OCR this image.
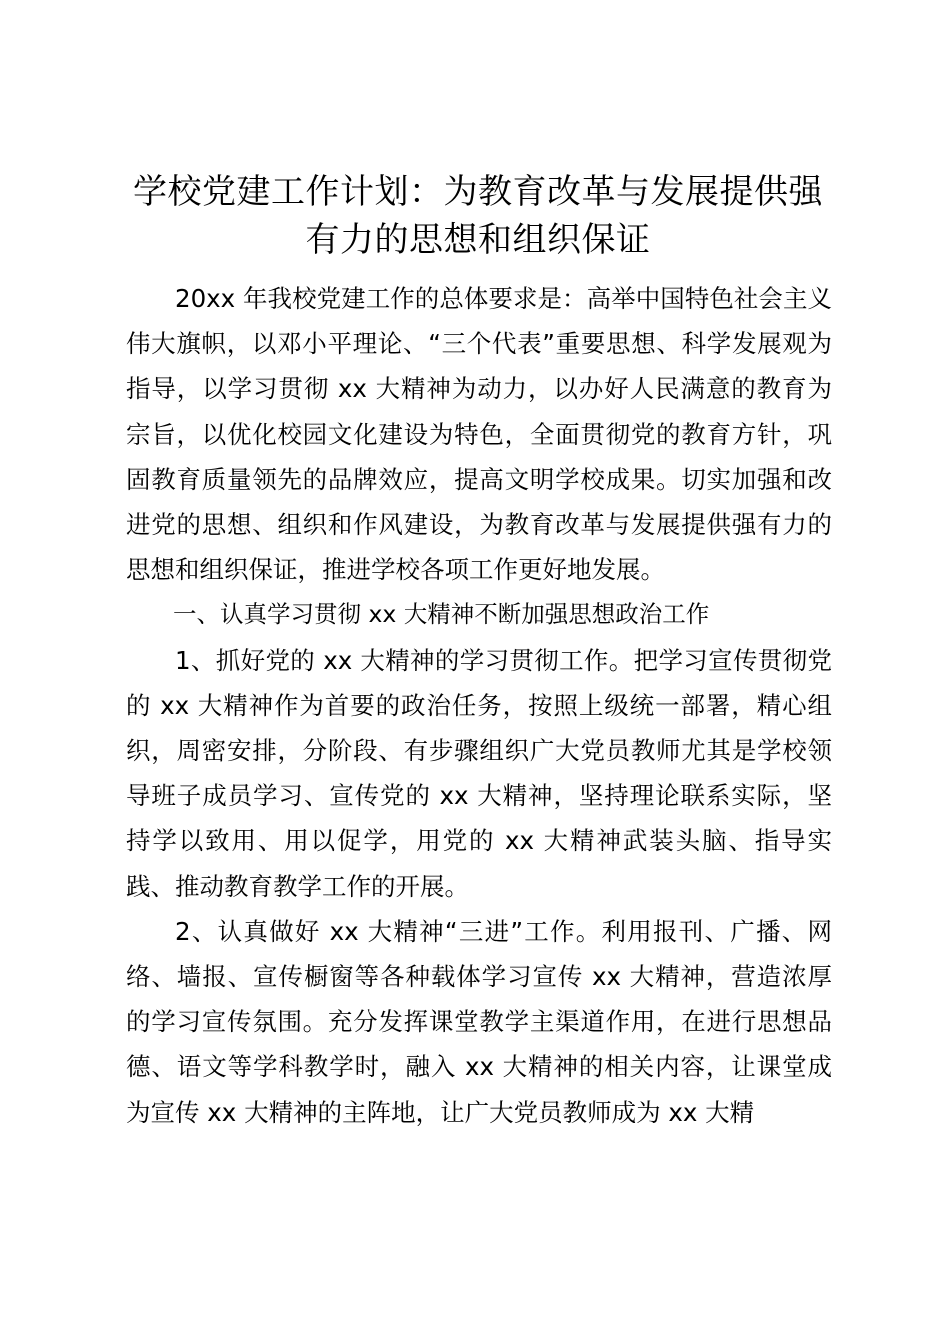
学校党建工作计划：为教育改革与发展提供强有力的思想和组织保证

20xx 年我校党建工作的总体要求是：高举中国特色社会主义伟大旗帜，以邓小平理论、“三个代表”重要思想、科学发展观为指导，以学习贯彻 xx 大精神为动力，以办好人民满意的教育为宗旨，以优化校园文化建设为特色，全面贯彻党的教育方针，巩固教育质量领先的品牌效应，提高文明学校成果。切实加强和改进党的思想、组织和作风建设，为教育改革与发展提供强有力的思想和组织保证，推进学校各项工作更好地发展。

一、认真学习贯彻 xx 大精神不断加强思想政治工作

1、抓好党的 xx 大精神的学习贯彻工作。把学习宣传贯彻党的 xx 大精神作为首要的政治任务，按照上级统一部署，精心组织，周密安排，分阶段、有步骤组织广大党员教师尤其是学校领导班子成员学习、宣传党的 xx 大精神，坚持理论联系实际，坚持学以致用、用以促学，用党的 xx 大精神武装头脑、指导实践、推动教育教学工作的开展。

2、认真做好 xx 大精神“三进”工作。利用报刊、广播、网络、墙报、宣传橱窗等各种载体学习宣传 xx 大精神，营造浓厚的学习宣传氛围。充分发挥课堂教学主渠道作用，在进行思想品德、语文等学科教学时，融入 xx 大精神的相关内容，让课堂成为宣传 xx 大精神的主阵地，让广大党员教师成为 xx 大精
